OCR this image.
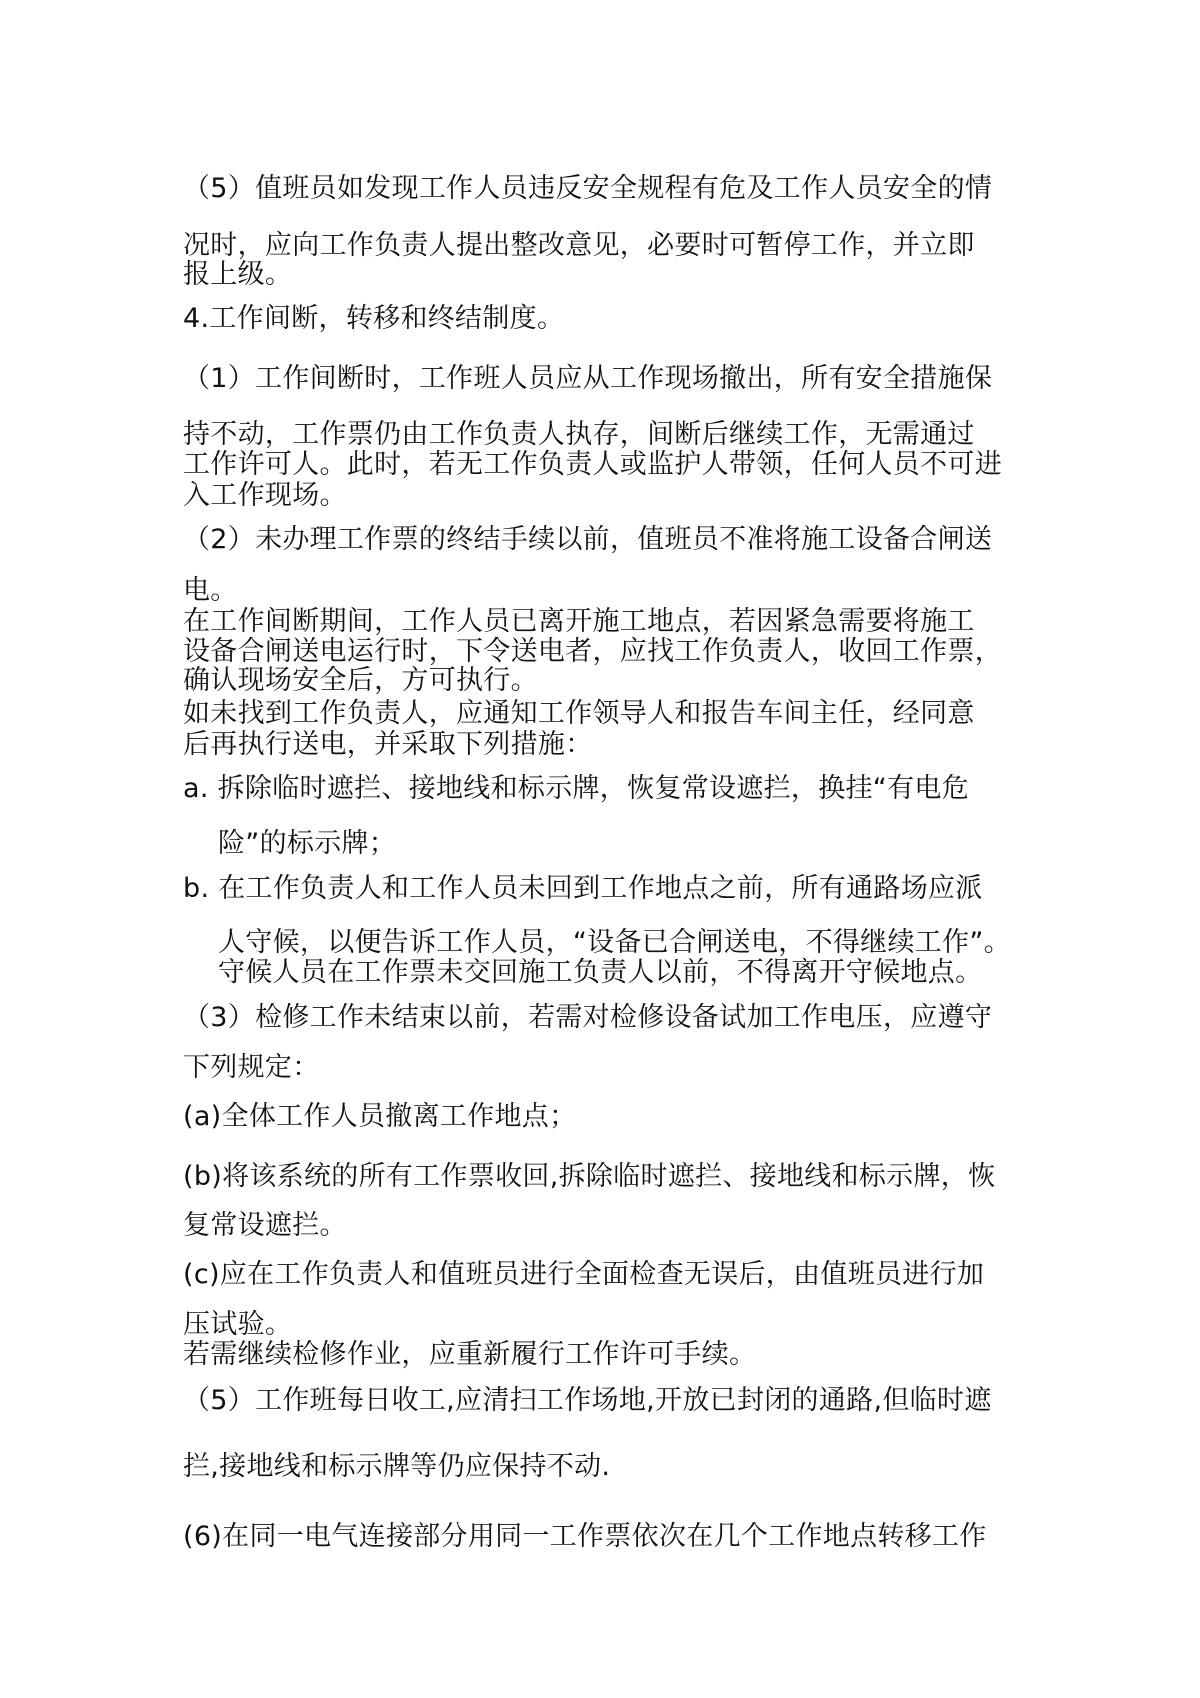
（5）值班员如发现工作人员违反安全规程有危及工作人员安全的情
况时，应向工作负责人提出整改意见，必要时可暂停工作，并立即
报上级。
4.工作间断，转移和终结制度。
（1）工作间断时，工作班人员应从工作现场撤出，所有安全措施保
持不动，工作票仍由工作负责人执存，间断后继续工作，无需通过
工作许可人。此时，若无工作负责人或监护人带领，任何人员不可进
入工作现场。
（2）未办理工作票的终结手续以前，值班员不准将施工设备合闸送
电。
在工作间断期间，工作人员已离开施工地点，若因紧急需要将施工
设备合闸送电运行时，下令送电者，应找工作负责人，收回工作票，
确认现场安全后，方可执行。
如未找到工作负责人，应通知工作领导人和报告车间主任，经同意
后再执行送电，并采取下列措施：
a. 拆除临时遮拦、接地线和标示牌，恢复常设遮拦，换挂“有电危
险”的标示牌；
b. 在工作负责人和工作人员未回到工作地点之前，所有通路场应派
人守候，以便告诉工作人员，“设备已合闸送电，不得继续工作”。
守候人员在工作票未交回施工负责人以前，不得离开守候地点。
（3）检修工作未结束以前，若需对检修设备试加工作电压，应遵守
下列规定：
(a)全体工作人员撤离工作地点；
(b)将该系统的所有工作票收回,拆除临时遮拦、接地线和标示牌，恢
复常设遮拦。
(c)应在工作负责人和值班员进行全面检查无误后，由值班员进行加
压试验。
若需继续检修作业，应重新履行工作许可手续。
（5）工作班每日收工,应清扫工作场地,开放已封闭的通路,但临时遮
拦,接地线和标示牌等仍应保持不动.
(6)在同一电气连接部分用同一工作票依次在几个工作地点转移工作
